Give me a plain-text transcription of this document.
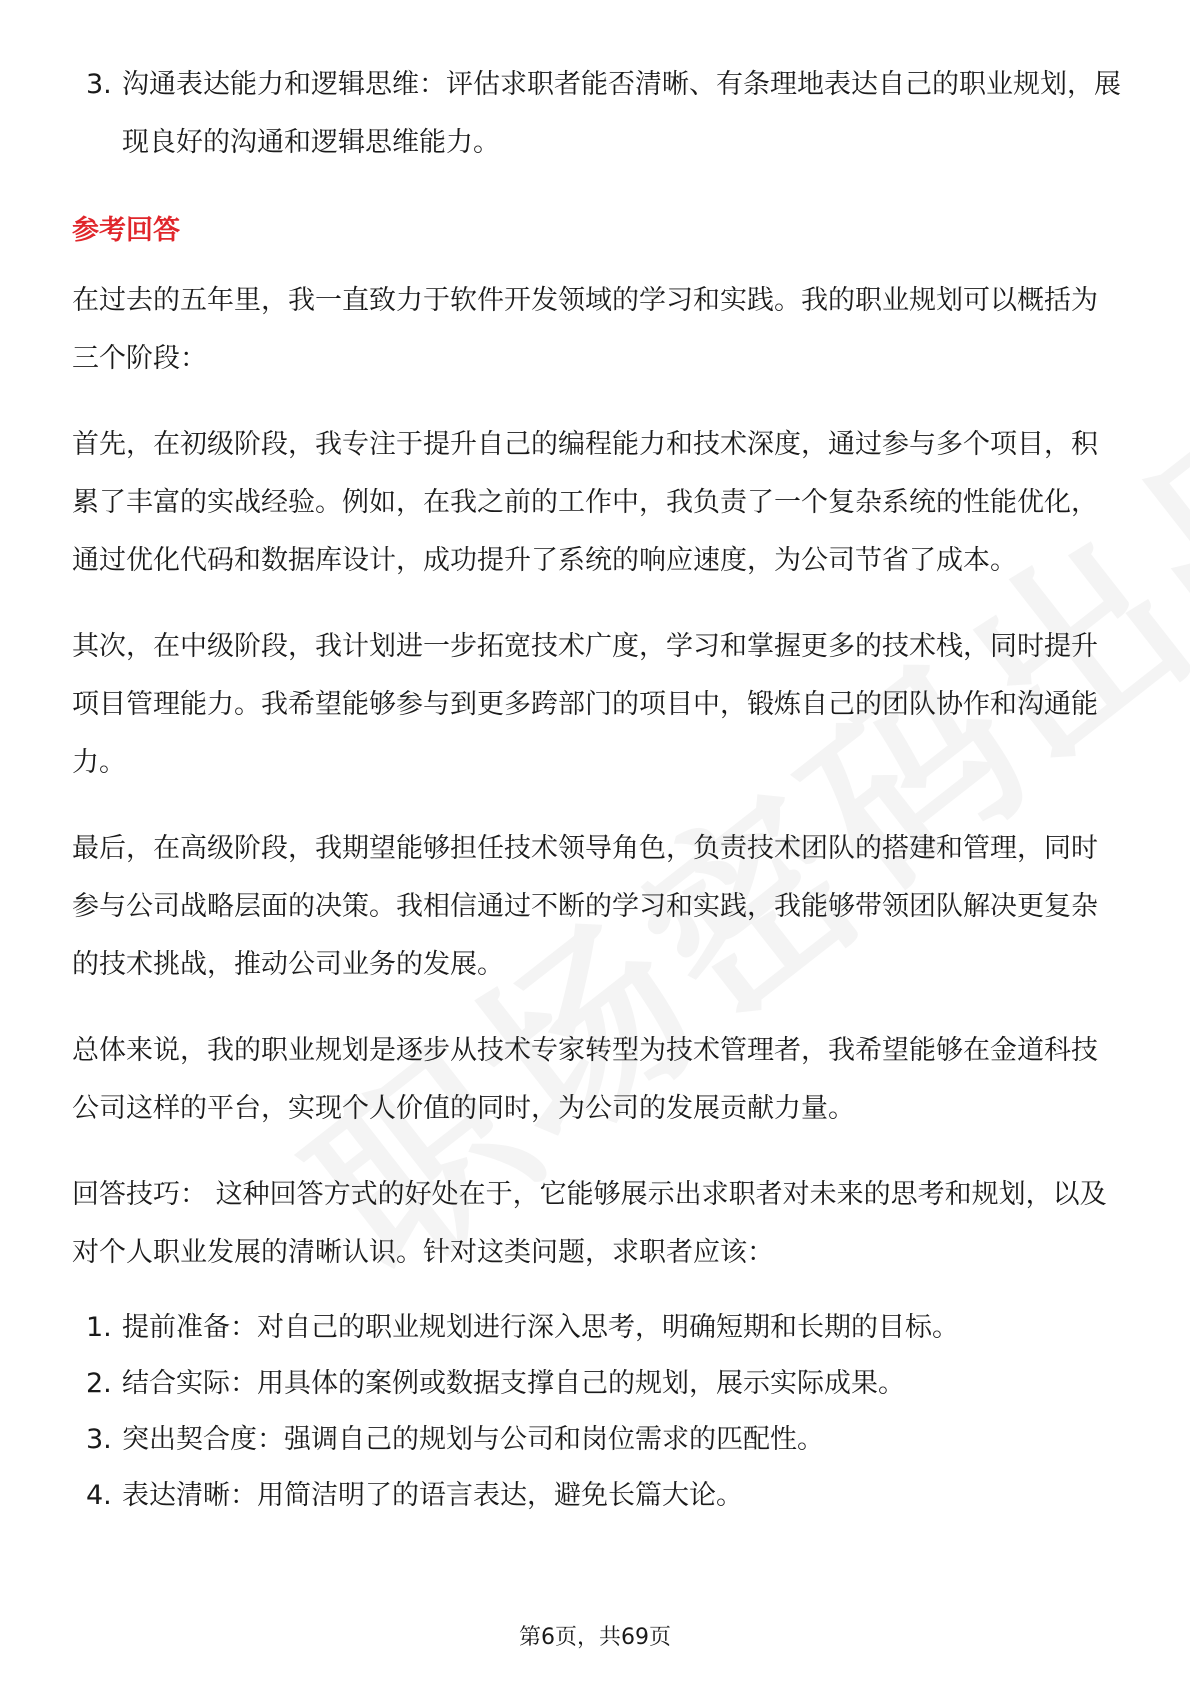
3. 沟通表达能力和逻辑思维：评估求职者能否清晰、有条理地表达自己的职业规划，展现良好的沟通和逻辑思维能力。
参考回答

在过去的五年里，我一直致力于软件开发领域的学习和实践。我的职业规划可以概括为三个阶段：

首先，在初级阶段，我专注于提升自己的编程能力和技术深度，通过参与多个项目，积累了丰富的实战经验。例如，在我之前的工作中，我负责了一个复杂系统的性能优化，通过优化代码和数据库设计，成功提升了系统的响应速度，为公司节省了成本。

其次，在中级阶段，我计划进一步拓宽技术广度，学习和掌握更多的技术栈，同时提升项目管理能力。我希望能够参与到更多跨部门的项目中，锻炼自己的团队协作和沟通能力。

最后，在高级阶段，我期望能够担任技术领导角色，负责技术团队的搭建和管理，同时参与公司战略层面的决策。我相信通过不断的学习和实践，我能够带领团队解决更复杂的技术挑战，推动公司业务的发展。

总体来说，我的职业规划是逐步从技术专家转型为技术管理者，我希望能够在金道科技公司这样的平台，实现个人价值的同时，为公司的发展贡献力量。

回答技巧： 这种回答方式的好处在于，它能够展示出求职者对未来的思考和规划，以及对个人职业发展的清晰认识。针对这类问题，求职者应该：

1. 提前准备：对自己的职业规划进行深入思考，明确短期和长期的目标。
2. 结合实际：用具体的案例或数据支撑自己的规划，展示实际成果。
3. 突出契合度：强调自己的规划与公司和岗位需求的匹配性。
4. 表达清晰：用简洁明了的语言表达，避免长篇大论。
第6页，共69页
